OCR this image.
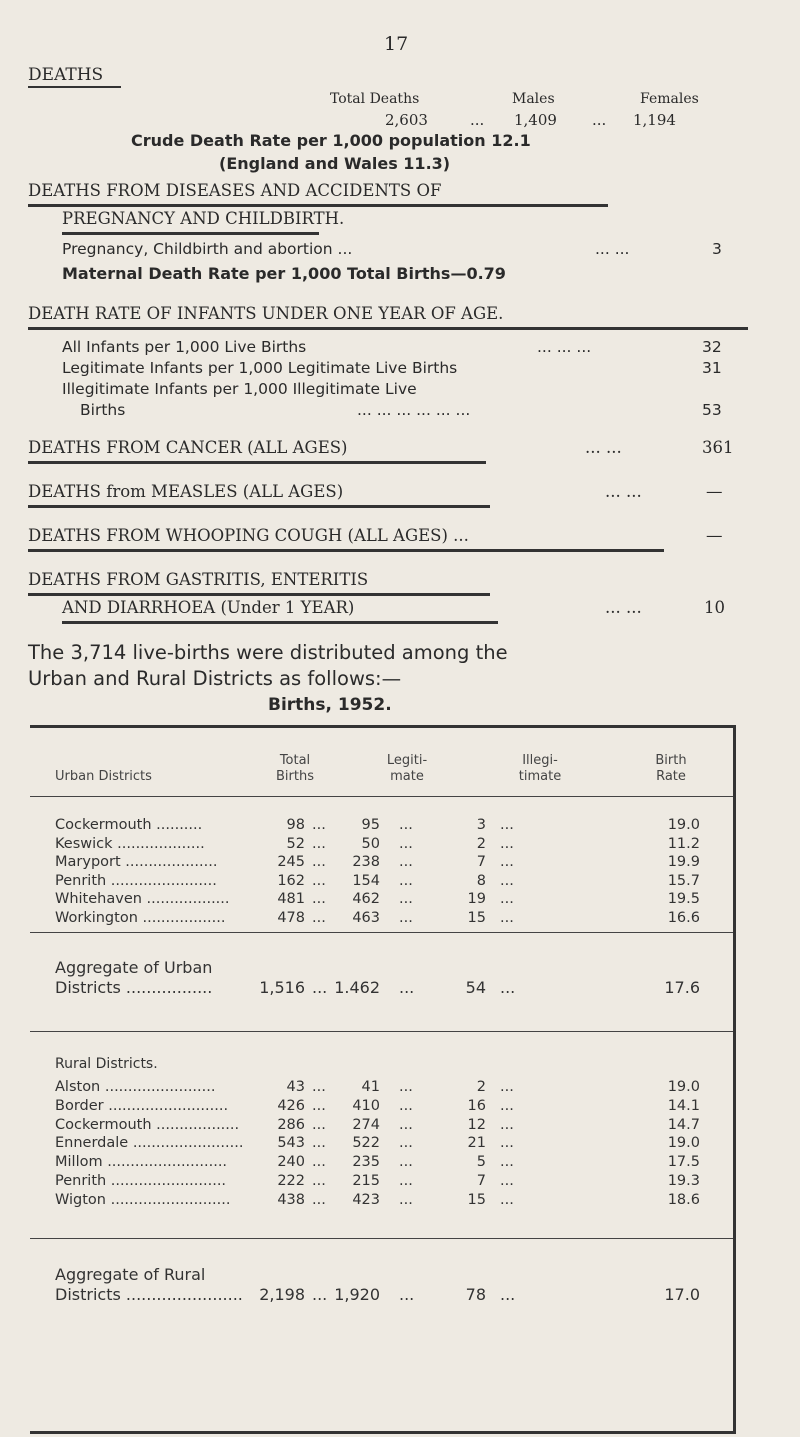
17
DEATHS
Total Deaths	Males	Females
2,603	... 1,409 ... 1,194
Crude Death Rate per 1,000 population 12.1
(England and Wales 11.3)
DEATHS FROM DISEASES AND ACCIDENTS OF
PREGNANCY AND CHILDBIRTH.
Pregnancy, Childbirth and abortion ...	... ...	3
Maternal Death Rate per 1,000 Total Births—0.79
DEATH RATE OF INFANTS UNDER ONE YEAR OF AGE.
All Infants per 1,000 Live Births	... ... ...	32
Legitimate Infants per 1,000 Legitimate Live Births	31
Illegitimate Infants per 1,000 Illegitimate Live
Births	... ... ... ... ... ...	53
DEATHS FROM CANCER (ALL AGES)	... ...	361
DEATHS from MEASLES (ALL AGES)	... ...	—
DEATHS FROM WHOOPING COUGH (ALL AGES) ...	—
DEATHS FROM GASTRITIS, ENTERITIS
AND DIARRHOEA (Under 1 YEAR)	... ...	10
The 3,714 live-births were distributed among the
Urban and Rural Districts as follows:—
Births, 1952.
Urban Districts
Total
Births
Legiti-
mate
Illegi-
timate
Birth
Rate
Cockermouth ..........	98 ...	95 ...	3 ...	19.0
Keswick ...................	52 ...	50 ...	2 ...	11.2
Maryport ....................	245 ...	238 ...	7 ...	19.9
Penrith .......................	162 ...	154 ...	8 ...	15.7
Whitehaven ..................	481 ...	462 ...	19 ...	19.5
Workington ..................	478 ...	463 ...	15 ...	16.6
Aggregate of Urban
Districts .................	1,516 ... 1.462 ...	54 ...	17.6
Rural Districts.
Alston ........................	43 ...	41 ...	2 ...	19.0
Border ..........................	426 ...	410 ...	16 ...	14.1
Cockermouth ..................	286 ...	274 ...	12 ...	14.7
Ennerdale ........................	543 ...	522 ...	21 ...	19.0
Millom ..........................	240 ...	235 ...	5 ...	17.5
Penrith .........................	222 ...	215 ...	7 ...	19.3
Wigton ..........................	438 ...	423 ...	15 ...	18.6
Aggregate of Rural
Districts .......................	2,198 ... 1,920 ...	78 ...	17.0
